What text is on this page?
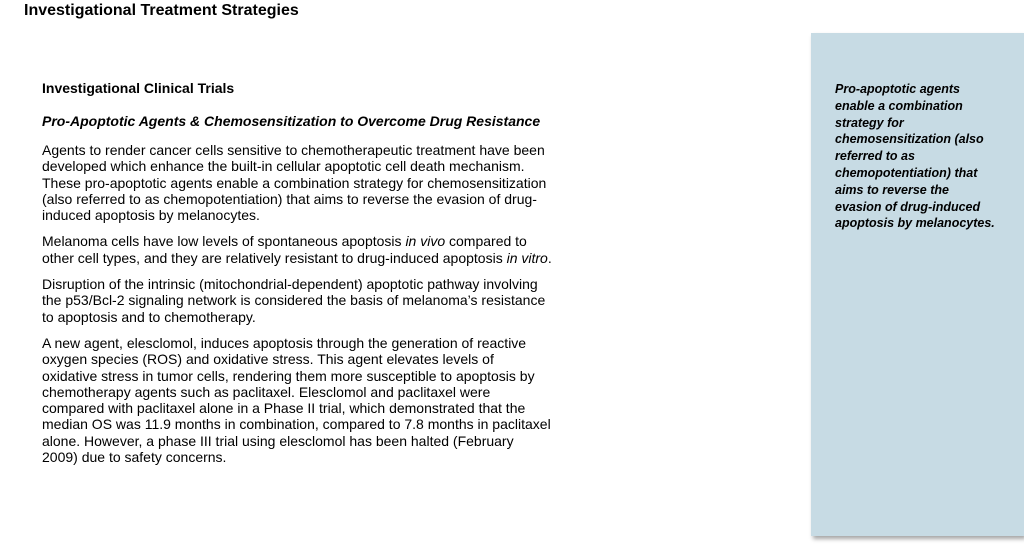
Investigational Treatment Strategies
Investigational Clinical Trials
Pro-Apoptotic Agents & Chemosensitization to Overcome Drug Resistance

Agents to render cancer cells sensitive to chemotherapeutic treatment have been developed which enhance the built-in cellular apoptotic cell death mechanism. These pro-apoptotic agents enable a combination strategy for chemosensitization (also referred to as chemopotentiation) that aims to reverse the evasion of drug-induced apoptosis by melanocytes.

Melanoma cells have low levels of spontaneous apoptosis in vivo compared to other cell types, and they are relatively resistant to drug-induced apoptosis in vitro.

Disruption of the intrinsic (mitochondrial-dependent) apoptotic pathway involving the p53/Bcl-2 signaling network is considered the basis of melanoma’s resistance to apoptosis and to chemotherapy.

A new agent, elesclomol, induces apoptosis through the generation of reactive oxygen species (ROS) and oxidative stress. This agent elevates levels of oxidative stress in tumor cells, rendering them more susceptible to apoptosis by chemotherapy agents such as paclitaxel. Elesclomol and paclitaxel were compared with paclitaxel alone in a Phase II trial, which demonstrated that the median OS was 11.9 months in combination, compared to 7.8 months in paclitaxel alone. However, a phase III trial using elesclomol has been halted (February 2009) due to safety concerns.

Pro-apoptotic agents enable a combination strategy for chemosensitization (also referred to as chemopotentiation) that aims to reverse the evasion of drug-induced apoptosis by melanocytes.
